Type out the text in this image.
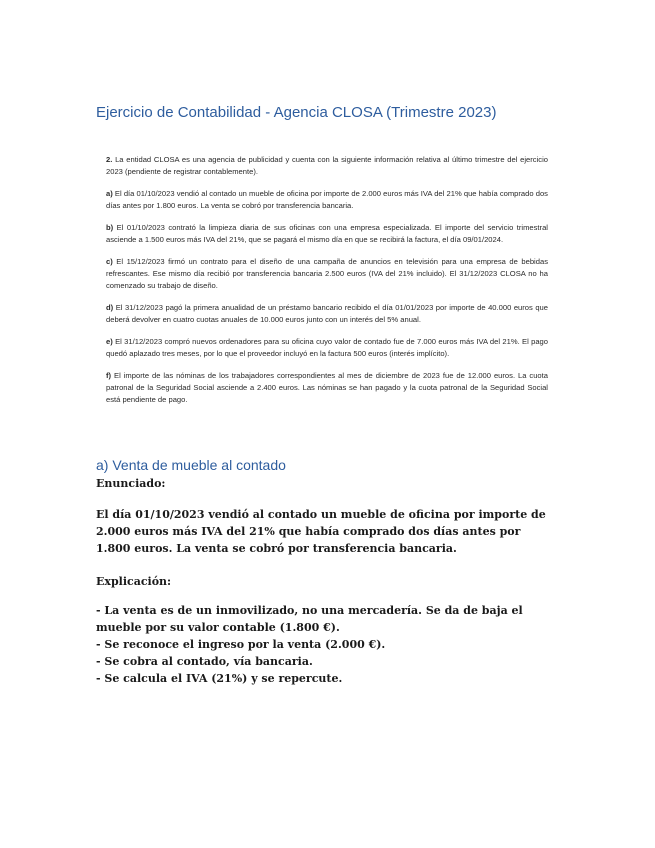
Ejercicio de Contabilidad - Agencia CLOSA (Trimestre 2023)

2. La entidad CLOSA es una agencia de publicidad y cuenta con la siguiente información relativa al último trimestre del ejercicio 2023 (pendiente de registrar contablemente).

a) El día 01/10/2023 vendió al contado un mueble de oficina por importe de 2.000 euros más IVA del 21% que había comprado dos días antes por 1.800 euros. La venta se cobró por transferencia bancaria.

b) El 01/10/2023 contrató la limpieza diaria de sus oficinas con una empresa especializada. El importe del servicio trimestral asciende a 1.500 euros más IVA del 21%, que se pagará el mismo día en que se recibirá la factura, el día 09/01/2024.

c) El 15/12/2023 firmó un contrato para el diseño de una campaña de anuncios en televisión para una empresa de bebidas refrescantes. Ese mismo día recibió por transferencia bancaria 2.500 euros (IVA del 21% incluido). El 31/12/2023 CLOSA no ha comenzado su trabajo de diseño.

d) El 31/12/2023 pagó la primera anualidad de un préstamo bancario recibido el día 01/01/2023 por importe de 40.000 euros que deberá devolver en cuatro cuotas anuales de 10.000 euros junto con un interés del 5% anual.

e) El 31/12/2023 compró nuevos ordenadores para su oficina cuyo valor de contado fue de 7.000 euros más IVA del 21%. El pago quedó aplazado tres meses, por lo que el proveedor incluyó en la factura 500 euros (interés implícito).

f) El importe de las nóminas de los trabajadores correspondientes al mes de diciembre de 2023 fue de 12.000 euros. La cuota patronal de la Seguridad Social asciende a 2.400 euros. Las nóminas se han pagado y la cuota patronal de la Seguridad Social está pendiente de pago.

a) Venta de mueble al contado

Enunciado:

El día 01/10/2023 vendió al contado un mueble de oficina por importe de 2.000 euros más IVA del 21% que había comprado dos días antes por 1.800 euros. La venta se cobró por transferencia bancaria.

Explicación:

- La venta es de un inmovilizado, no una mercadería. Se da de baja el mueble por su valor contable (1.800 €).
- Se reconoce el ingreso por la venta (2.000 €).
- Se cobra al contado, vía bancaria.
- Se calcula el IVA (21%) y se repercute.
